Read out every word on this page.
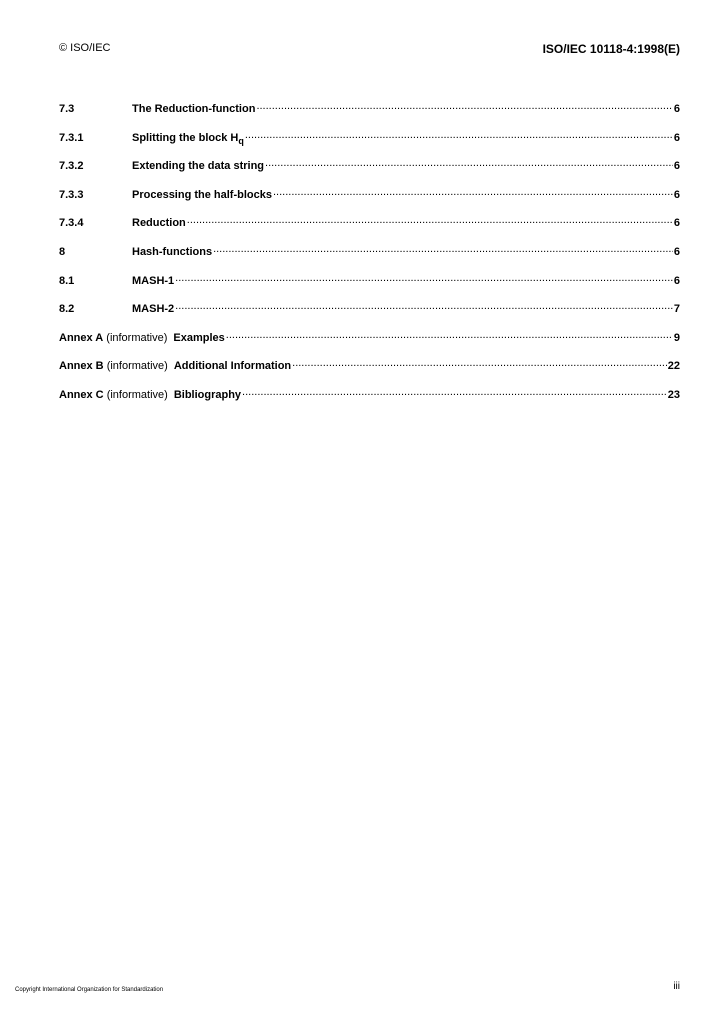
© ISO/IEC	ISO/IEC 10118-4:1998(E)
7.3	The Reduction-function .....	6
7.3.1	Splitting the block $H_q$ .....	6
7.3.2	Extending the data string .....	6
7.3.3	Processing the half-blocks .....	6
7.3.4	Reduction .....	6
8	Hash-functions .....	6
8.1	MASH-1 .....	6
8.2	MASH-2 .....	7
Annex A (informative) Examples .....	9
Annex B (informative) Additional Information .....	22
Annex C (informative) Bibliography .....	23
Copyright International Organization for Standardization	iii
